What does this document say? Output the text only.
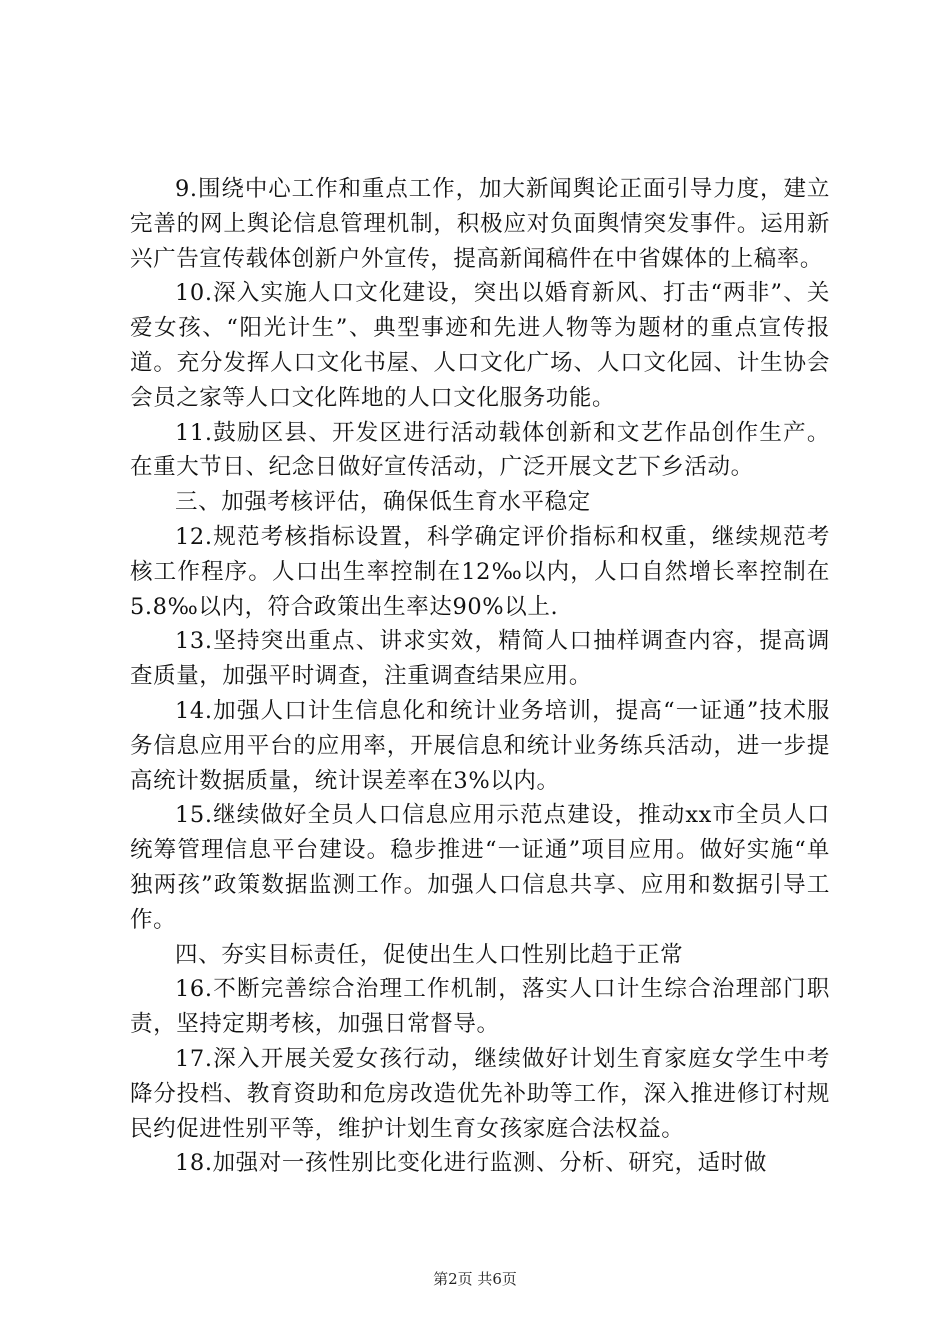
9.围绕中心工作和重点工作，加大新闻舆论正面引导力度，建立完善的网上舆论信息管理机制，积极应对负面舆情突发事件。运用新兴广告宣传载体创新户外宣传，提高新闻稿件在中省媒体的上稿率。

10.深入实施人口文化建设，突出以婚育新风、打击“两非”、关爱女孩、“阳光计生”、典型事迹和先进人物等为题材的重点宣传报道。充分发挥人口文化书屋、人口文化广场、人口文化园、计生协会会员之家等人口文化阵地的人口文化服务功能。

11.鼓励区县、开发区进行活动载体创新和文艺作品创作生产。在重大节日、纪念日做好宣传活动，广泛开展文艺下乡活动。

三、加强考核评估，确保低生育水平稳定

12.规范考核指标设置，科学确定评价指标和权重，继续规范考核工作程序。人口出生率控制在12‰以内，人口自然增长率控制在5.8‰以内，符合政策出生率达90%以上.

13.坚持突出重点、讲求实效，精简人口抽样调查内容，提高调查质量，加强平时调查，注重调查结果应用。

14.加强人口计生信息化和统计业务培训，提高“一证通”技术服务信息应用平台的应用率，开展信息和统计业务练兵活动，进一步提高统计数据质量，统计误差率在3%以内。

15.继续做好全员人口信息应用示范点建设，推动xx市全员人口统筹管理信息平台建设。稳步推进“一证通”项目应用。做好实施“单独两孩”政策数据监测工作。加强人口信息共享、应用和数据引导工作。

四、夯实目标责任，促使出生人口性别比趋于正常

16.不断完善综合治理工作机制，落实人口计生综合治理部门职责，坚持定期考核，加强日常督导。

17.深入开展关爱女孩行动，继续做好计划生育家庭女学生中考降分投档、教育资助和危房改造优先补助等工作，深入推进修订村规民约促进性别平等，维护计划生育女孩家庭合法权益。

18.加强对一孩性别比变化进行监测、分析、研究，适时做

第2页 共6页
